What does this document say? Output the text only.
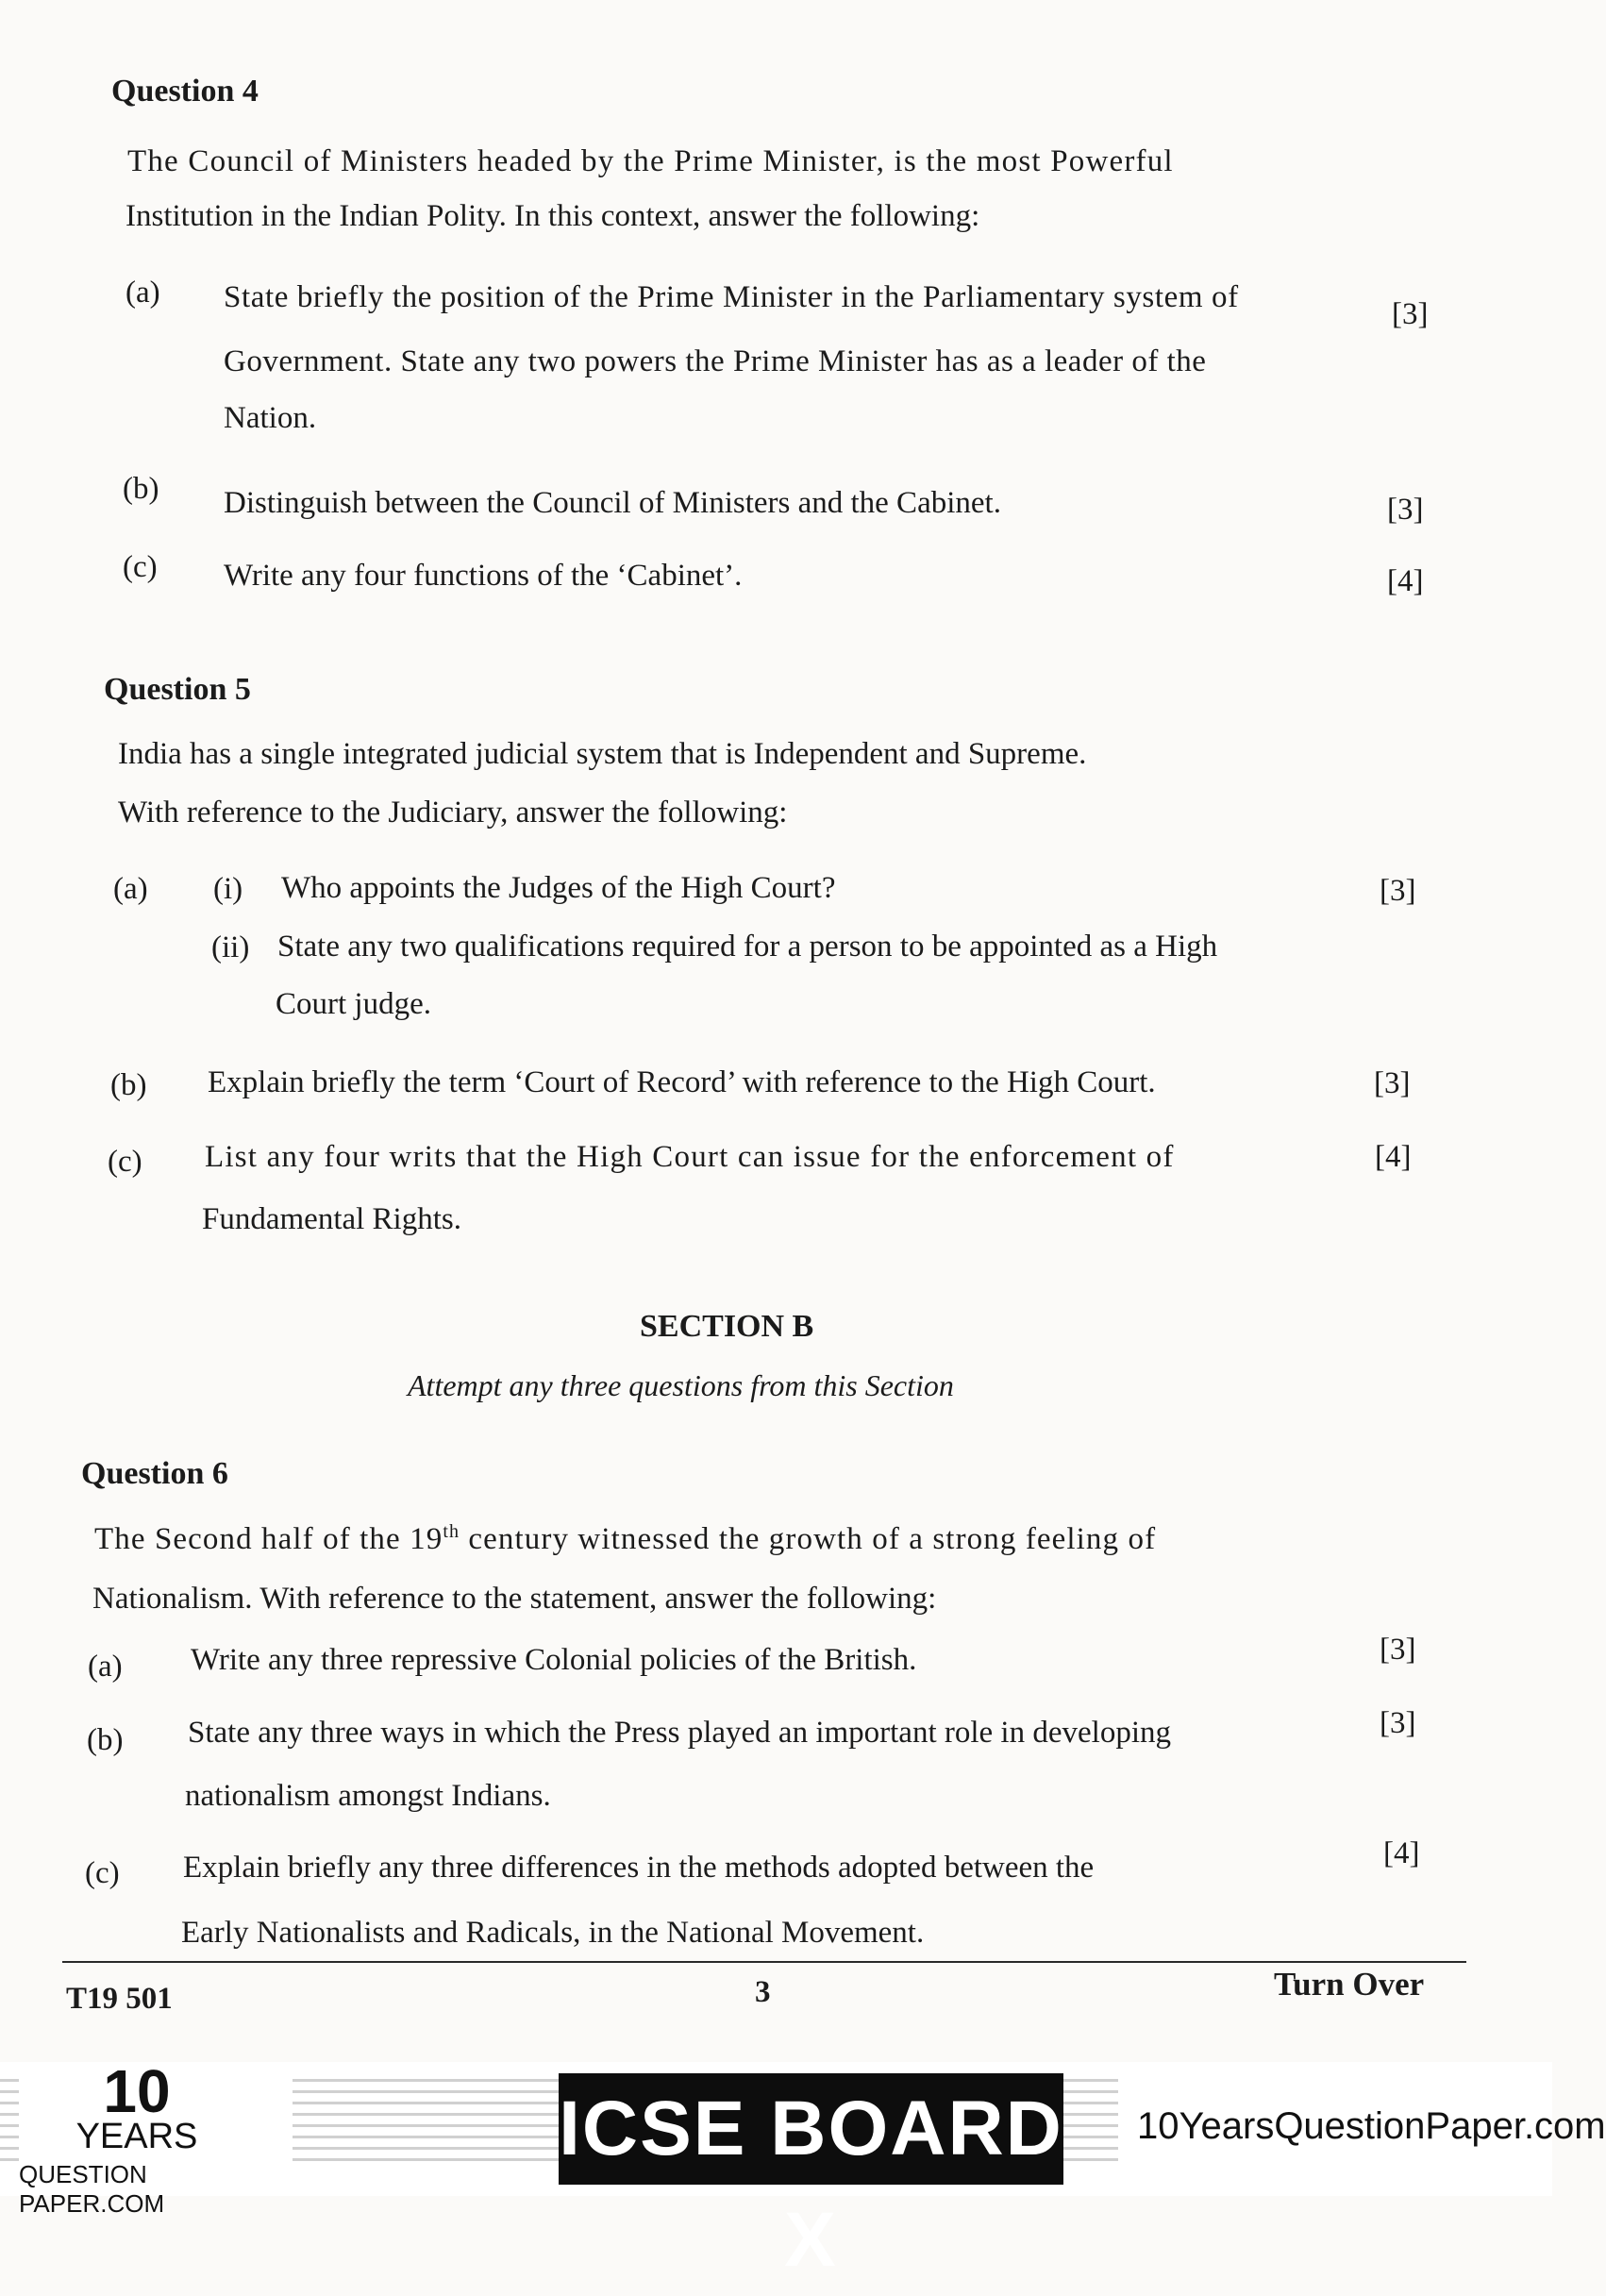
Question 4
The Council of Ministers headed by the Prime Minister, is the most Powerful
Institution in the Indian Polity. In this context, answer the following:
(a) State briefly the position of the Prime Minister in the Parliamentary system of
Government. State any two powers the Prime Minister has as a leader of the
Nation.
[3]
(b) Distinguish between the Council of Ministers and the Cabinet.	[3]
(c) Write any four functions of the ‘Cabinet’.	[4]
Question 5
India has a single integrated judicial system that is Independent and Supreme.
With reference to the Judiciary, answer the following:
(a) (i) Who appoints the Judges of the High Court?	[3]
(ii) State any two qualifications required for a person to be appointed as a High
Court judge.
(b) Explain briefly the term ‘Court of Record’ with reference to the High Court.	[3]
(c) List any four writs that the High Court can issue for the enforcement of
Fundamental Rights.
[4]
SECTION B
Attempt any three questions from this Section
Question 6
The Second half of the 19th century witnessed the growth of a strong feeling of
Nationalism. With reference to the statement, answer the following:
(a) Write any three repressive Colonial policies of the British.	[3]
(b) State any three ways in which the Press played an important role in developing
nationalism amongst Indians.
[3]
(c) Explain briefly any three differences in the methods adopted between the
Early Nationalists and Radicals, in the National Movement.
[4]
T19 501	3	Turn Over
10
YEARS
QUESTION PAPER.COM
ICSE BOARD X
10YearsQuestionPaper.com
